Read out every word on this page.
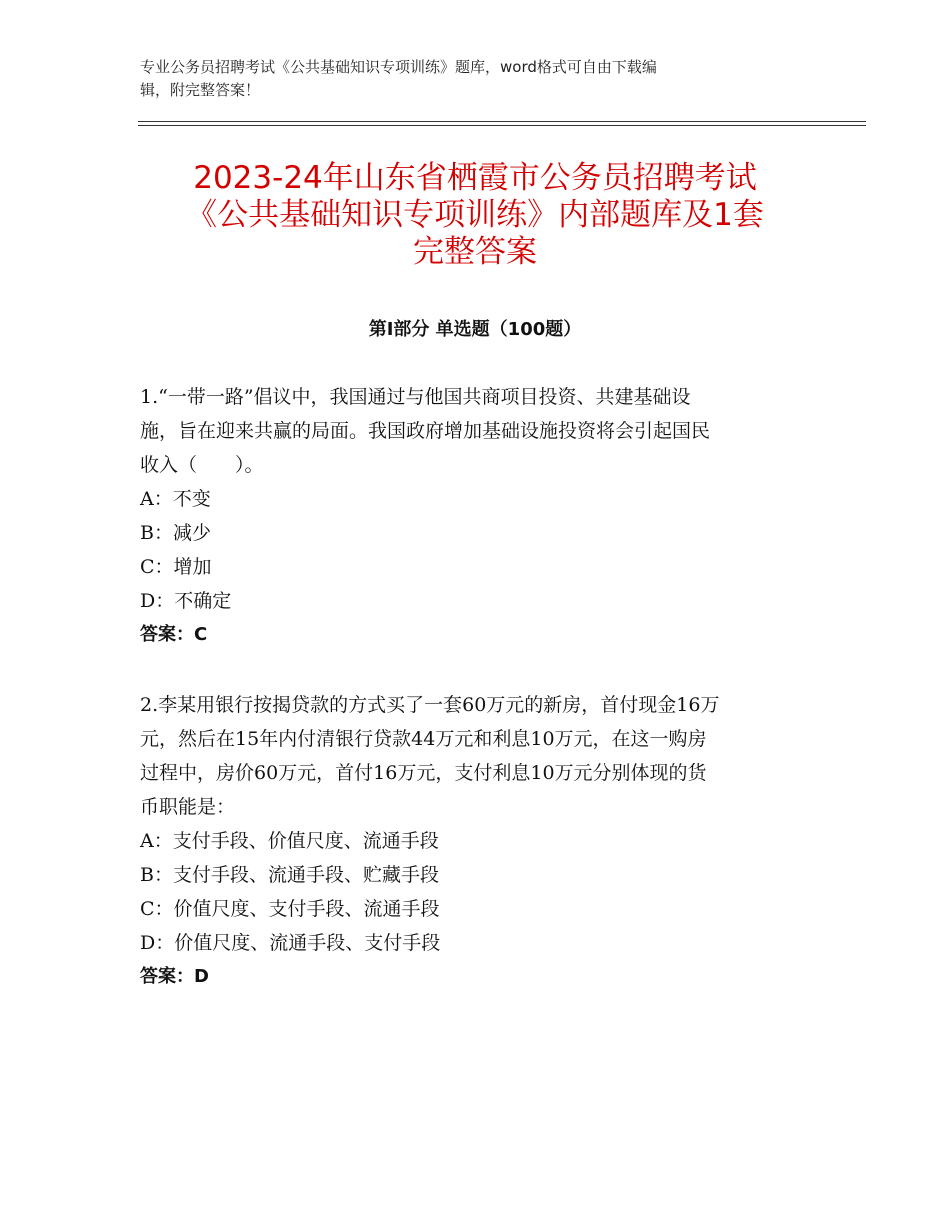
专业公务员招聘考试《公共基础知识专项训练》题库，word格式可自由下载编
辑，附完整答案！
2023-24年山东省栖霞市公务员招聘考试
《公共基础知识专项训练》内部题库及1套
完整答案
第I部分 单选题（100题）
1.“一带一路”倡议中，我国通过与他国共商项目投资、共建基础设
施，旨在迎来共赢的局面。我国政府增加基础设施投资将会引起国民
收入（　　）。
A：不变
B：减少
C：增加
D：不确定
答案：C
2.李某用银行按揭贷款的方式买了一套60万元的新房，首付现金16万
元，然后在15年内付清银行贷款44万元和利息10万元，在这一购房
过程中，房价60万元，首付16万元，支付利息10万元分别体现的货
币职能是：
A：支付手段、价值尺度、流通手段
B：支付手段、流通手段、贮藏手段
C：价值尺度、支付手段、流通手段
D：价值尺度、流通手段、支付手段
答案：D
